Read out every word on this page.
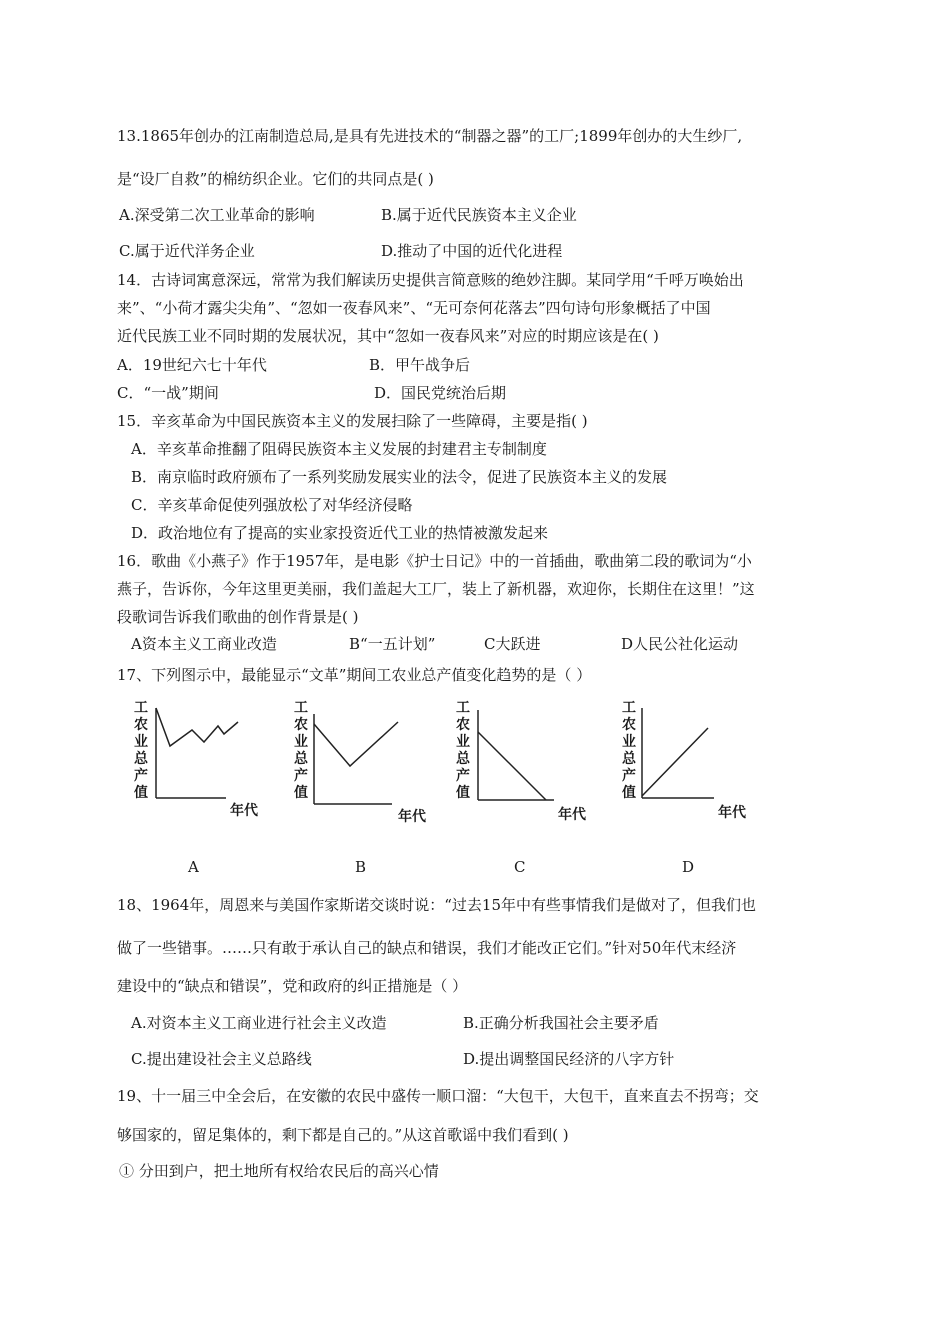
13.1865年创办的江南制造总局,是具有先进技术的“制器之器”的工厂;1899年创办的大生纱厂,
是“设厂自救”的棉纺织企业。它们的共同点是( )
A.深受第二次工业革命的影响	B.属于近代民族资本主义企业
C.属于近代洋务企业	D.推动了中国的近代化进程
14．古诗词寓意深远，常常为我们解读历史提供言简意赅的绝妙注脚。某同学用“千呼万唤始出
来”、“小荷才露尖尖角”、“忽如一夜春风来”、“无可奈何花落去”四句诗句形象概括了中国
近代民族工业不同时期的发展状况，其中“忽如一夜春风来”对应的时期应该是在( )
A．19世纪六七十年代	B．甲午战争后
C．“一战”期间	D．国民党统治后期
15．辛亥革命为中国民族资本主义的发展扫除了一些障碍，主要是指( )
A．辛亥革命推翻了阻碍民族资本主义发展的封建君主专制制度
B．南京临时政府颁布了一系列奖励发展实业的法令，促进了民族资本主义的发展
C．辛亥革命促使列强放松了对华经济侵略
D．政治地位有了提高的实业家投资近代工业的热情被激发起来
16．歌曲《小燕子》作于1957年，是电影《护士日记》中的一首插曲，歌曲第二段的歌词为“小
燕子，告诉你，今年这里更美丽，我们盖起大工厂，装上了新机器，欢迎你，长期住在这里！”这
段歌词告诉我们歌曲的创作背景是( )
A资本主义工商业改造	B“一五计划”	C大跃进	D人民公社化运动
17、下列图示中，最能显示“文革”期间工农业总产值变化趋势的是（ ）
工农业总产值
年代
工农业总产值
年代
工农业总产值
年代
工农业总产值
年代
A	B	C	D
18、1964年，周恩来与美国作家斯诺交谈时说：“过去15年中有些事情我们是做对了，但我们也
做了一些错事。……只有敢于承认自己的缺点和错误，我们才能改正它们。”针对50年代末经济
建设中的“缺点和错误”，党和政府的纠正措施是（ ）
A.对资本主义工商业进行社会主义改造	B.正确分析我国社会主要矛盾
C.提出建设社会主义总路线	D.提出调整国民经济的八字方针
19、十一届三中全会后，在安徽的农民中盛传一顺口溜：“大包干，大包干，直来直去不拐弯；交
够国家的，留足集体的，剩下都是自己的。”从这首歌谣中我们看到( )
① 分田到户，把土地所有权给农民后的高兴心情
